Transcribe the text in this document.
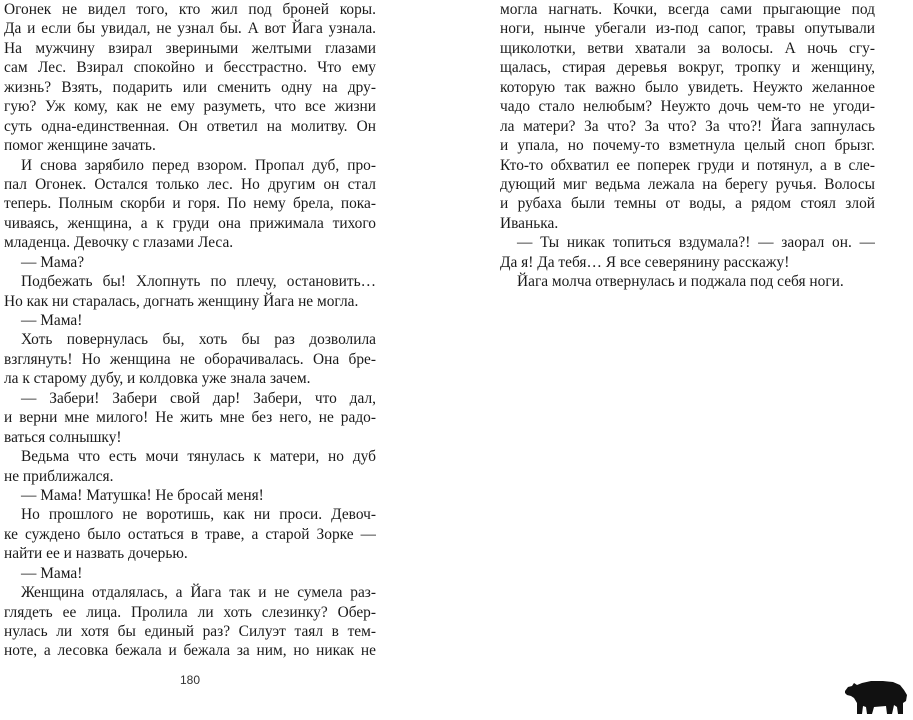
Огонек не видел того, кто жил под броней коры.
Да и если бы увидал, не узнал бы. А вот Йага узнала.
На мужчину взирал звериными желтыми глазами
сам Лес. Взирал спокойно и бесстрастно. Что ему
жизнь? Взять, подарить или сменить одну на дру-
гую? Уж кому, как не ему разуметь, что все жизни
суть одна-единственная. Он ответил на молитву. Он
помог женщине зачать.
И снова зарябило перед взором. Пропал дуб, про-
пал Огонек. Остался только лес. Но другим он стал
теперь. Полным скорби и горя. По нему брела, пока-
чиваясь, женщина, а к груди она прижимала тихого
младенца. Девочку с глазами Леса.
— Мама?
Подбежать бы! Хлопнуть по плечу, остановить…
Но как ни старалась, догнать женщину Йага не могла.
— Мама!
Хоть повернулась бы, хоть бы раз дозволила
взглянуть! Но женщина не оборачивалась. Она бре-
ла к старому дубу, и колдовка уже знала зачем.
— Забери! Забери свой дар! Забери, что дал,
и верни мне милого! Не жить мне без него, не радо-
ваться солнышку!
Ведьма что есть мочи тянулась к матери, но дуб
не приближался.
— Мама! Матушка! Не бросай меня!
Но прошлого не воротишь, как ни проси. Девоч-
ке суждено было остаться в траве, а старой Зорке —
найти ее и назвать дочерью.
— Мама!
Женщина отдалялась, а Йага так и не сумела раз-
глядеть ее лица. Пролила ли хоть слезинку? Обер-
нулась ли хотя бы единый раз? Силуэт таял в тем-
ноте, а лесовка бежала и бежала за ним, но никак не
180
могла нагнать. Кочки, всегда сами прыгающие под
ноги, нынче убегали из-под сапог, травы опутывали
щиколотки, ветви хватали за волосы. А ночь сгу-
щалась, стирая деревья вокруг, тропку и женщину,
которую так важно было увидеть. Неужто желанное
чадо стало нелюбым? Неужто дочь чем-то не угоди-
ла матери? За что? За что? За что?! Йага запнулась
и упала, но почему-то взметнула целый сноп брызг.
Кто-то обхватил ее поперек груди и потянул, а в сле-
дующий миг ведьма лежала на берегу ручья. Волосы
и рубаха были темны от воды, а рядом стоял злой
Иванька.
— Ты никак топиться вздумала?! — заорал он. —
Да я! Да тебя… Я все северянину расскажу!
Йага молча отвернулась и поджала под себя ноги.
